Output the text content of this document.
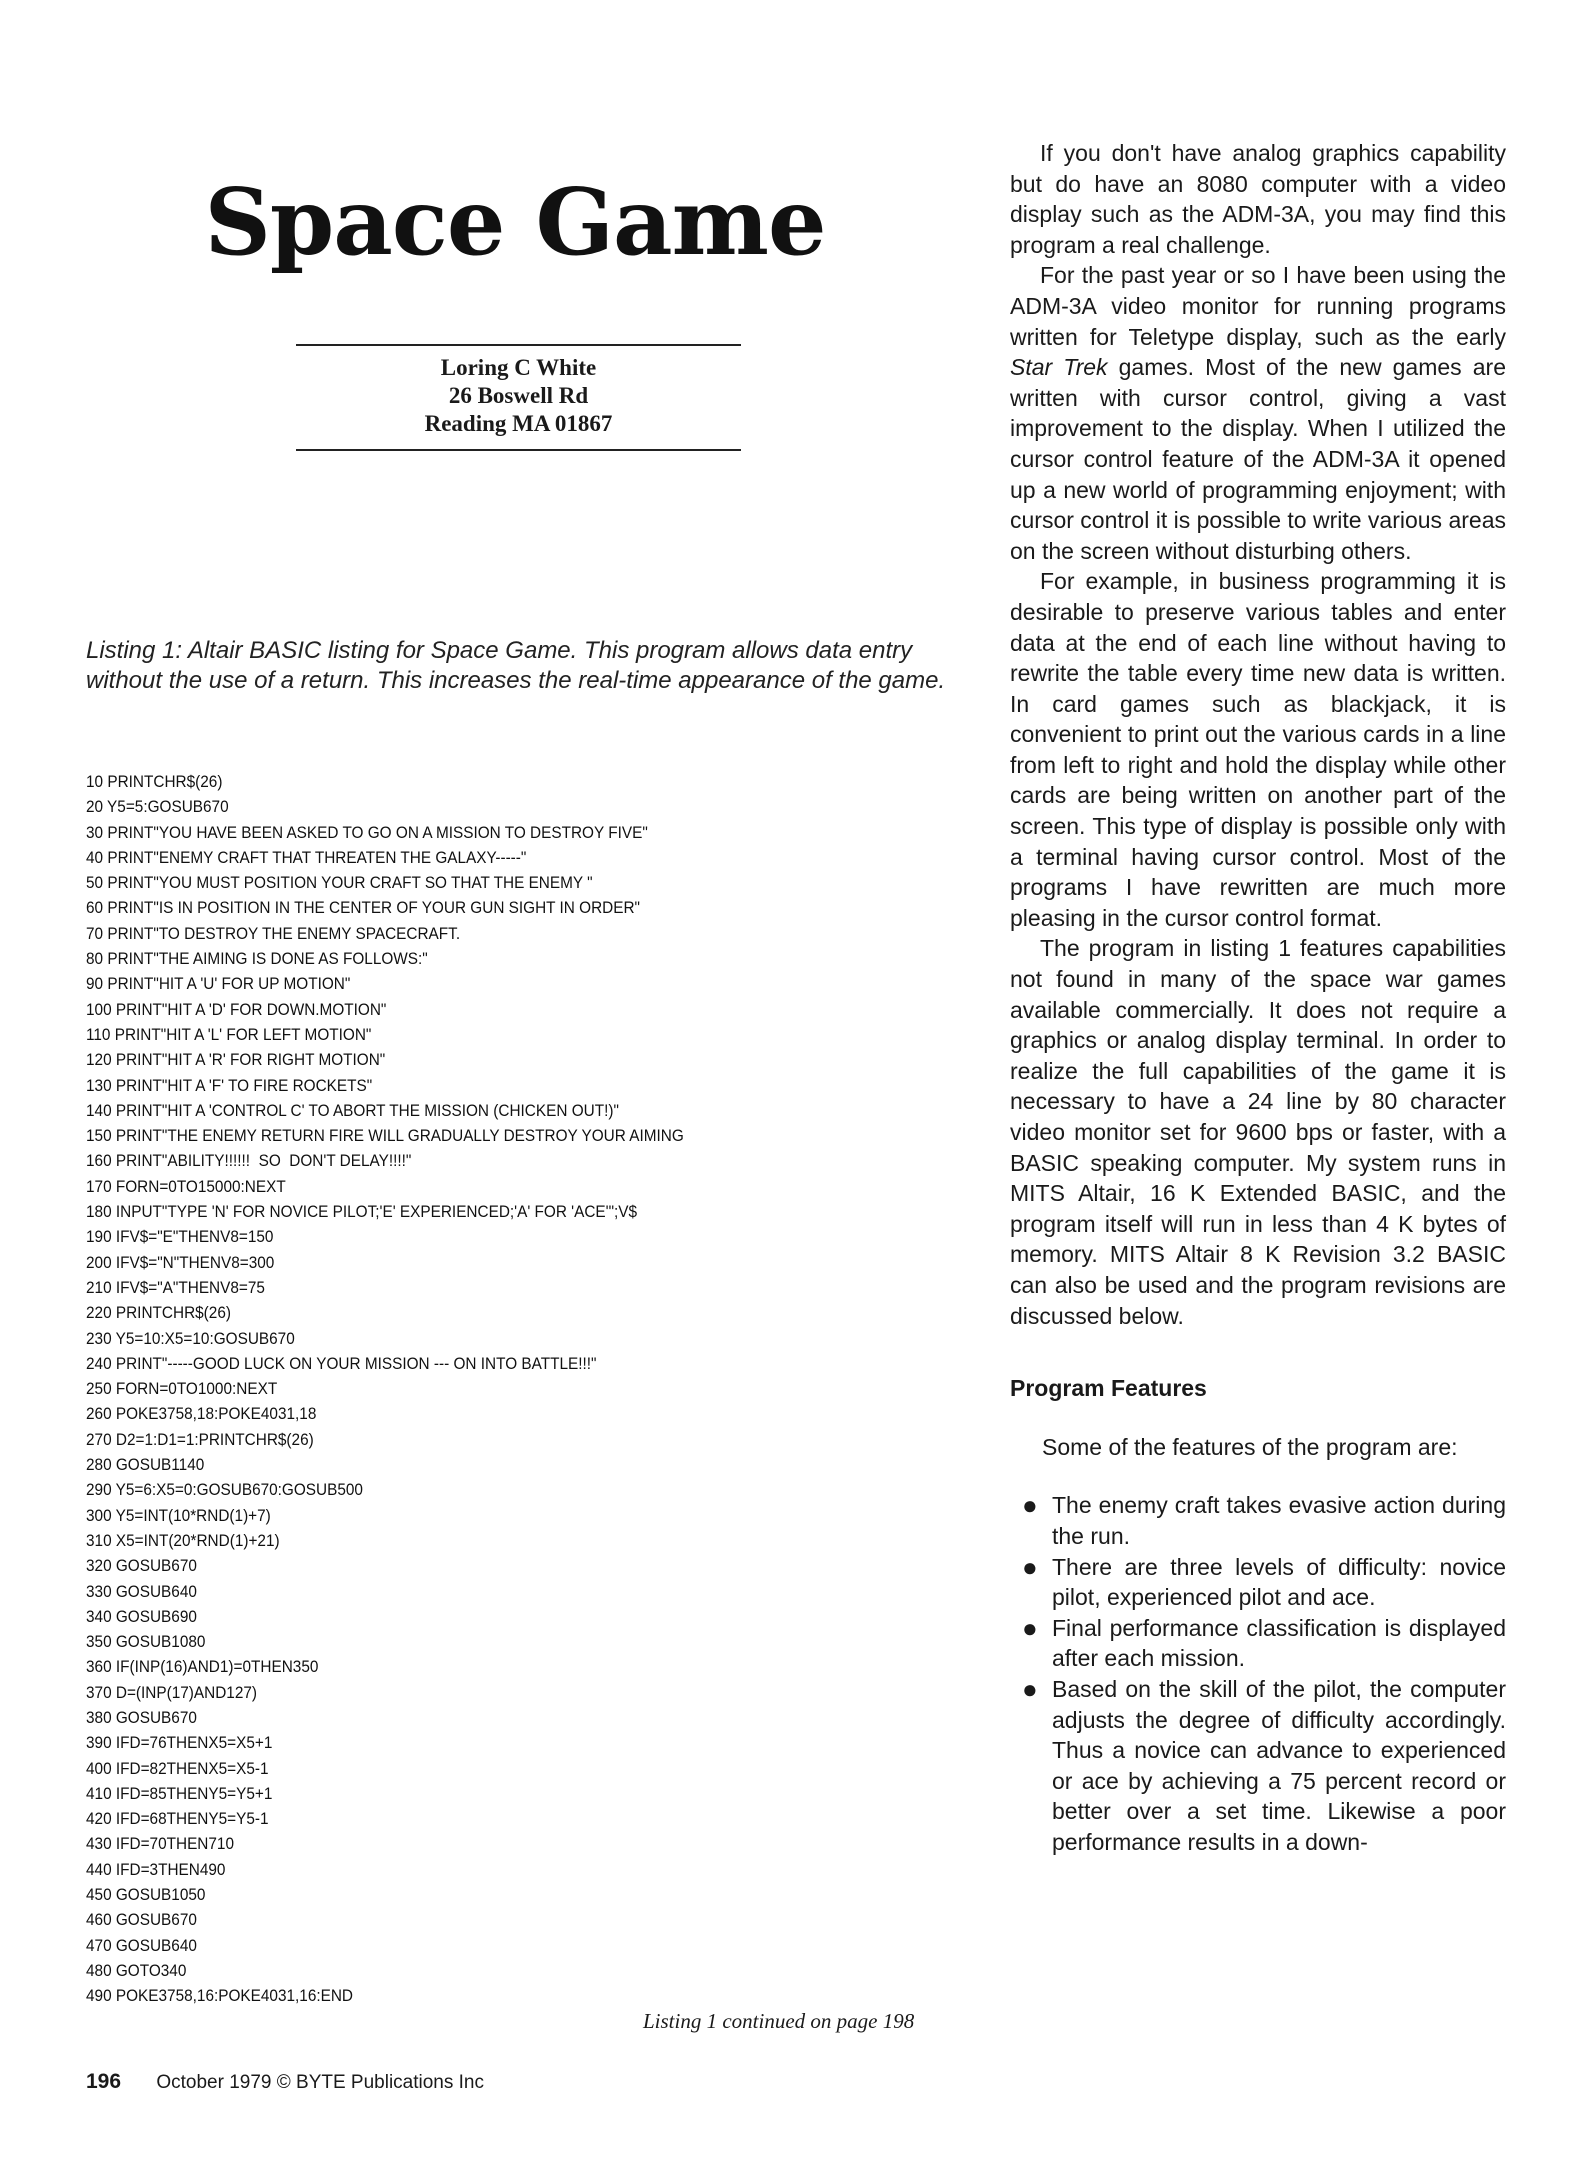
Space Game
Loring C White
26 Boswell Rd
Reading MA 01867
Listing 1: Altair BASIC listing for Space Game. This program allows data entry without the use of a return. This increases the real-time appearance of the game.
10 PRINTCHR$(26)
20 Y5=5:GOSUB670
30 PRINT"YOU HAVE BEEN ASKED TO GO ON A MISSION TO DESTROY FIVE"
40 PRINT"ENEMY CRAFT THAT THREATEN THE GALAXY-----"
50 PRINT"YOU MUST POSITION YOUR CRAFT SO THAT THE ENEMY "
60 PRINT"IS IN POSITION IN THE CENTER OF YOUR GUN SIGHT IN ORDER"
70 PRINT"TO DESTROY THE ENEMY SPACECRAFT.
80 PRINT"THE AIMING IS DONE AS FOLLOWS:"
90 PRINT"HIT A 'U' FOR UP MOTION"
100 PRINT"HIT A 'D' FOR DOWN.MOTION"
110 PRINT"HIT A 'L' FOR LEFT MOTION"
120 PRINT"HIT A 'R' FOR RIGHT MOTION"
130 PRINT"HIT A 'F' TO FIRE ROCKETS"
140 PRINT"HIT A 'CONTROL C' TO ABORT THE MISSION (CHICKEN OUT!)"
150 PRINT"THE ENEMY RETURN FIRE WILL GRADUALLY DESTROY YOUR AIMING
160 PRINT"ABILITY!!!!!!  SO  DON'T DELAY!!!!"
170 FORN=0TO15000:NEXT
180 INPUT"TYPE 'N' FOR NOVICE PILOT;'E' EXPERIENCED;'A' FOR 'ACE'";V$
190 IFV$="E"THENV8=150
200 IFV$="N"THENV8=300
210 IFV$="A"THENV8=75
220 PRINTCHR$(26)
230 Y5=10:X5=10:GOSUB670
240 PRINT"-----GOOD LUCK ON YOUR MISSION --- ON INTO BATTLE!!!"
250 FORN=0TO1000:NEXT
260 POKE3758,18:POKE4031,18
270 D2=1:D1=1:PRINTCHR$(26)
280 GOSUB1140
290 Y5=6:X5=0:GOSUB670:GOSUB500
300 Y5=INT(10*RND(1)+7)
310 X5=INT(20*RND(1)+21)
320 GOSUB670
330 GOSUB640
340 GOSUB690
350 GOSUB1080
360 IF(INP(16)AND1)=0THEN350
370 D=(INP(17)AND127)
380 GOSUB670
390 IFD=76THENX5=X5+1
400 IFD=82THENX5=X5-1
410 IFD=85THENY5=Y5+1
420 IFD=68THENY5=Y5-1
430 IFD=70THEN710
440 IFD=3THEN490
450 GOSUB1050
460 GOSUB670
470 GOSUB640
480 GOTO340
490 POKE3758,16:POKE4031,16:END
Listing 1 continued on page 198
196 October 1979 © BYTE Publications Inc

If you don't have analog graphics capability but do have an 8080 computer with a video display such as the ADM-3A, you may find this program a real challenge.

For the past year or so I have been using the ADM-3A video monitor for running programs written for Teletype display, such as the early Star Trek games. Most of the new games are written with cursor control, giving a vast improvement to the display. When I utilized the cursor control feature of the ADM-3A it opened up a new world of programming enjoyment; with cursor control it is possible to write various areas on the screen without disturbing others.

For example, in business programming it is desirable to preserve various tables and enter data at the end of each line without having to rewrite the table every time new data is written. In card games such as blackjack, it is convenient to print out the various cards in a line from left to right and hold the display while other cards are being written on another part of the screen. This type of display is possible only with a terminal having cursor control. Most of the programs I have rewritten are much more pleasing in the cursor control format.

The program in listing 1 features capabilities not found in many of the space war games available commercially. It does not require a graphics or analog display terminal. In order to realize the full capabilities of the game it is necessary to have a 24 line by 80 character video monitor set for 9600 bps or faster, with a BASIC speaking computer. My system runs in MITS Altair, 16 K Extended BASIC, and the program itself will run in less than 4 K bytes of memory. MITS Altair 8 K Revision 3.2 BASIC can also be used and the program revisions are discussed below.

Program Features

Some of the features of the program are:

● The enemy craft takes evasive action during the run.
● There are three levels of difficulty: novice pilot, experienced pilot and ace.
● Final performance classification is displayed after each mission.
● Based on the skill of the pilot, the computer adjusts the degree of difficulty accordingly. Thus a novice can advance to experienced or ace by achieving a 75 percent record or better over a set time. Likewise a poor performance results in a down-
